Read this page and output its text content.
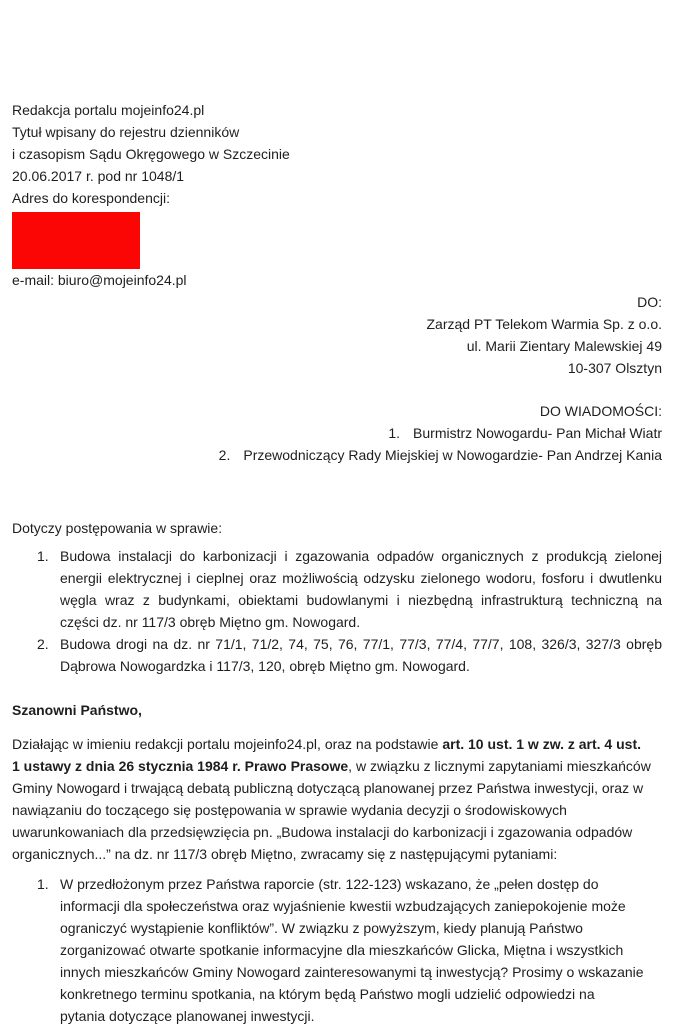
Redakcja portalu mojeinfo24.pl
Tytuł wpisany do rejestru dzienników
i czasopism Sądu Okręgowego w Szczecinie
20.06.2017 r. pod nr 1048/1
Adres do korespondencji:
e-mail: biuro@mojeinfo24.pl
DO:
Zarząd PT Telekom Warmia Sp. z o.o.
ul. Marii Zientary Malewskiej 49
10-307 Olsztyn
DO WIADOMOŚCI:
1. Burmistrz Nowogardu- Pan Michał Wiatr
2. Przewodniczący Rady Miejskiej w Nowogardzie- Pan Andrzej Kania
Dotyczy postępowania w sprawie:
1. Budowa instalacji do karbonizacji i zgazowania odpadów organicznych z produkcją zielonej
energii elektrycznej i cieplnej oraz możliwością odzysku zielonego wodoru, fosforu i dwutlenku
węgla wraz z budynkami, obiektami budowlanymi i niezbędną infrastrukturą techniczną na
części dz. nr 117/3 obręb Miętno gm. Nowogard.
2. Budowa drogi na dz. nr 71/1, 71/2, 74, 75, 76, 77/1, 77/3, 77/4, 77/7, 108, 326/3, 327/3 obręb
Dąbrowa Nowogardzka i 117/3, 120, obręb Miętno gm. Nowogard.
Szanowni Państwo,
Działając w imieniu redakcji portalu mojeinfo24.pl, oraz na podstawie art. 10 ust. 1 w zw. z art. 4 ust.
1 ustawy z dnia 26 stycznia 1984 r. Prawo Prasowe, w związku z licznymi zapytaniami mieszkańców
Gminy Nowogard i trwającą debatą publiczną dotyczącą planowanej przez Państwa inwestycji, oraz w
nawiązaniu do toczącego się postępowania w sprawie wydania decyzji o środowiskowych
uwarunkowaniach dla przedsięwzięcia pn. „Budowa instalacji do karbonizacji i zgazowania odpadów
organicznych...” na dz. nr 117/3 obręb Miętno, zwracamy się z następującymi pytaniami:
1. W przedłożonym przez Państwa raporcie (str. 122-123) wskazano, że „pełen dostęp do
informacji dla społeczeństwa oraz wyjaśnienie kwestii wzbudzających zaniepokojenie może
ograniczyć wystąpienie konfliktów”. W związku z powyższym, kiedy planują Państwo
zorganizować otwarte spotkanie informacyjne dla mieszkańców Glicka, Miętna i wszystkich
innych mieszkańców Gminy Nowogard zainteresowanymi tą inwestycją? Prosimy o wskazanie
konkretnego terminu spotkania, na którym będą Państwo mogli udzielić odpowiedzi na
pytania dotyczące planowanej inwestycji.
